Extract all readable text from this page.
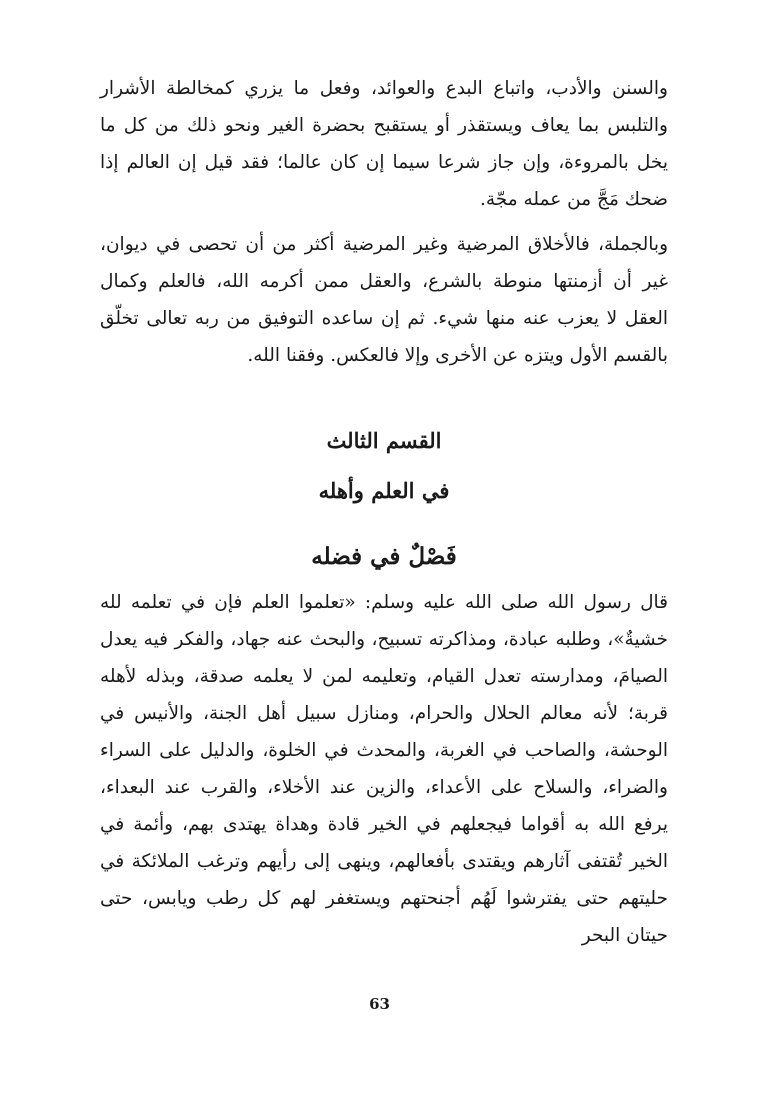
والسنن والأدب، واتباع البدع والعوائد، وفعل ما يزري كمخالطة الأشرار والتلبس بما يعاف ويستقذر أو يستقبح بحضرة الغير ونحو ذلك من كل ما يخل بالمروءة، وإن جاز شرعا سيما إن كان عالما؛ فقد قيل إن العالم إذا ضحك مَجَّ من عمله مجّة.

وبالجملة، فالأخلاق المرضية وغير المرضية أكثر من أن تحصى في ديوان، غير أن أزمنتها منوطة بالشرع، والعقل ممن أكرمه الله، فالعلم وكمال العقل لا يعزب عنه منها شيء. ثم إن ساعده التوفيق من ربه تعالى تخلّق بالقسم الأول ويتزه عن الأخرى وإلا فالعكس. وفقنا الله.

القسم الثالث
في العلم وأهله
فَصْلٌ في فضله

قال رسول الله صلى الله عليه وسلم: «تعلموا العلم فإن في تعلمه لله خشيةٌ»، وطلبه عبادة، ومذاكرته تسبيح، والبحث عنه جهاد، والفكر فيه يعدل الصيامَ، ومدارسته تعدل القيام، وتعليمه لمن لا يعلمه صدقة، وبذله لأهله قربة؛ لأنه معالم الحلال والحرام، ومنازل سبيل أهل الجنة، والأنيس في الوحشة، والصاحب في الغربة، والمحدث في الخلوة، والدليل على السراء والضراء، والسلاح على الأعداء، والزين عند الأخلاء، والقرب عند البعداء، يرفع الله به أقواما فيجعلهم في الخير قادة وهداة يهتدى بهم، وأئمة في الخير تُقتفى آثارهم ويقتدى بأفعالهم، وينهى إلى رأيهم وترغب الملائكة في حليتهم حتى يفترشوا لَهُم أجنحتهم ويستغفر لهم كل رطب ويابس، حتى حيتان البحر

63
